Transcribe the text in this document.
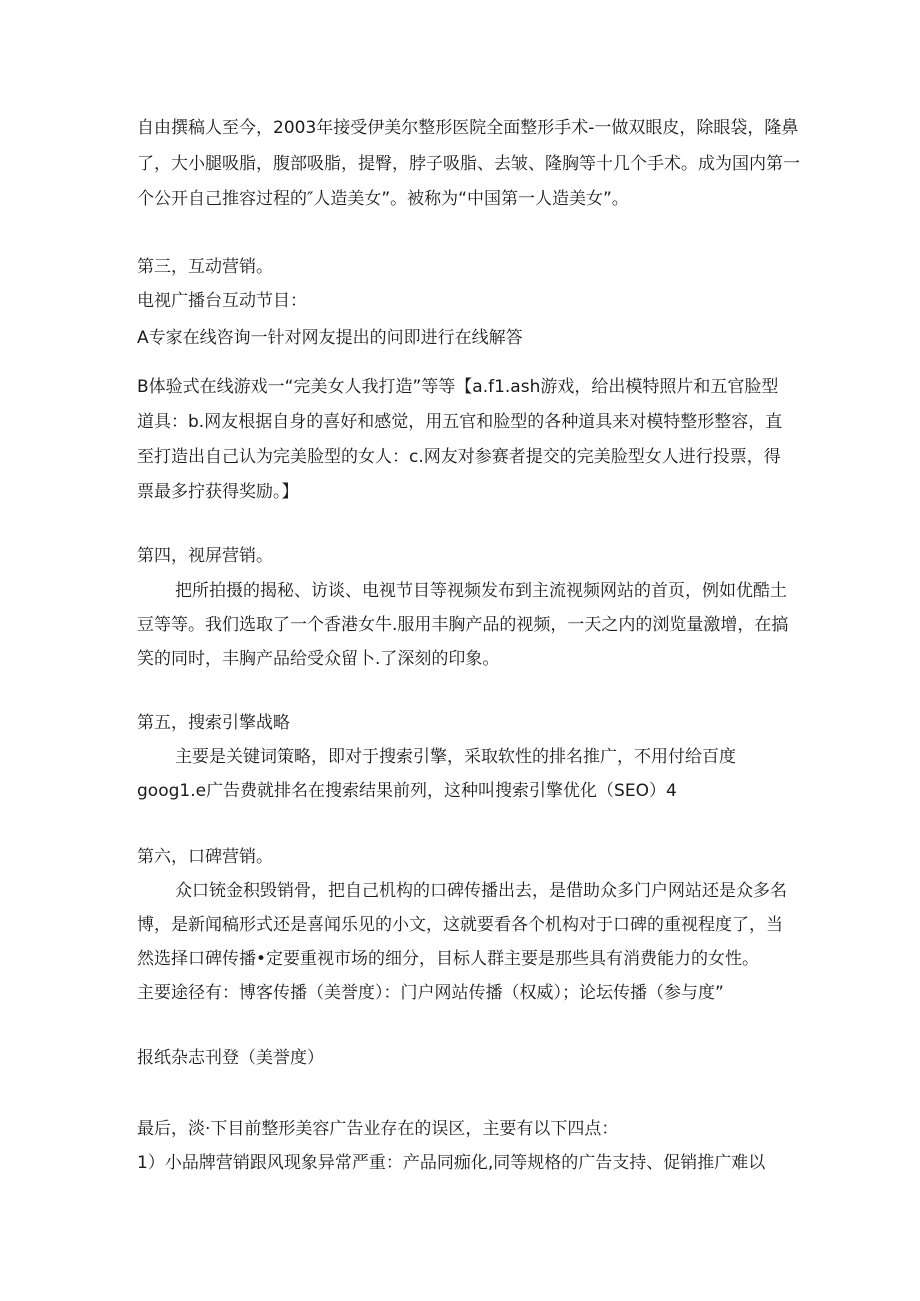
自由撰稿人至今，2003年接受伊美尔整形医院全面整形手术-一做双眼皮，除眼袋，隆鼻

了，大小腿吸脂，腹部吸脂，提臀，脖子吸脂、去皱、隆胸等十几个手术。成为国内第一

个公开自己推容过程的″人造美女”。被称为“中国第一人造美女”。

第三，互动营销。

电视广播台互动节目：

A专家在线咨询一针对网友提出的问即进行在线解答

B体验式在线游戏一“完美女人我打造”等等【a.f1.ash游戏，给出模特照片和五官脸型

道具：b.网友根据自身的喜好和感觉，用五官和脸型的各种道具来对模特整形整容，直

至打造出自己认为完美脸型的女人：c.网友对参赛者提交的完美脸型女人进行投票，得

票最多拧获得奖励。】

第四，视屏营销。

把所拍摄的揭秘、访谈、电视节目等视频发布到主流视频网站的首页，例如优酷土

豆等等。我们选取了一个香港女牛.服用丰胸产品的视频，一天之内的浏览量激增，在搞

笑的同时，丰胸产品给受众留卜.了深刻的印象。

第五，搜索引擎战略

主要是关键词策略，即对于搜索引擎，采取软性的排名推广，不用付给百度

goog1.e广告费就排名在搜索结果前列，这种叫搜索引擎优化（SEO）4

第六，口碑营销。

众口铳金积毁销骨，把自己机构的口碑传播出去，是借助众多门户网站还是众多名

博，是新闻稿形式还是喜闻乐见的小文，这就要看各个机构对于口碑的重视程度了，当

然选择口碑传播•定要重视市场的细分，目标人群主要是那些具有消费能力的女性。

主要途径有：博客传播（美誉度）：门户网站传播（权威）；论坛传播（参与度”

报纸杂志刊登（美誉度）

最后，淡·下目前整形美容广告业存在的误区，主要有以下四点：

1）小品牌营销跟风现象异常严重：产品同痂化,同等规格的广告支持、促销推广难以
